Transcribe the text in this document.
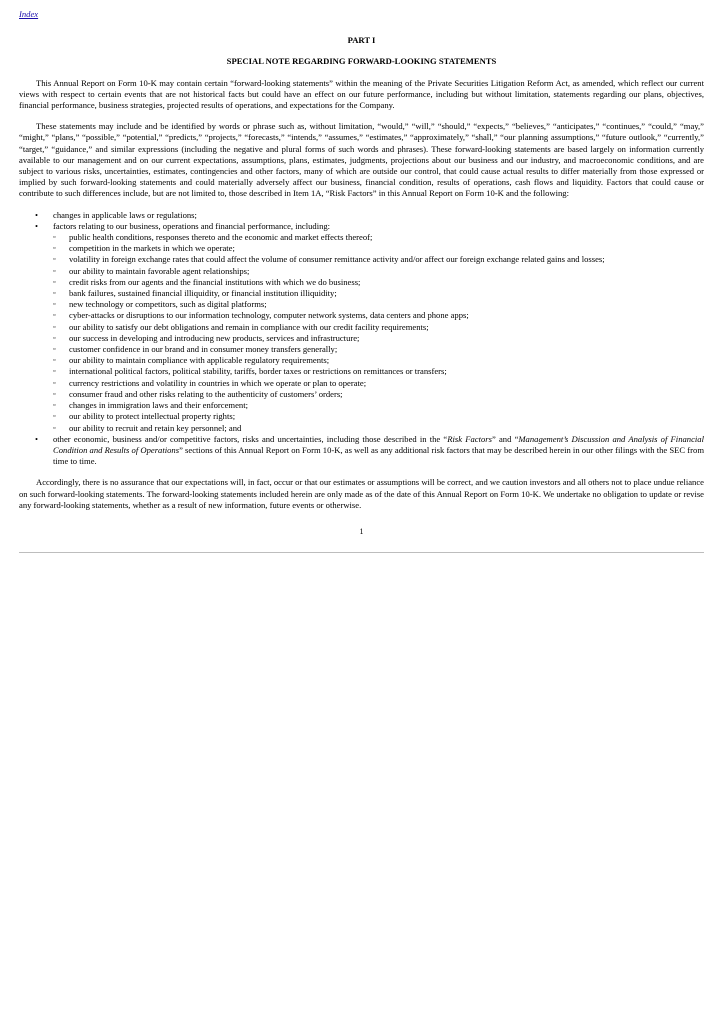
Index
PART I
SPECIAL NOTE REGARDING FORWARD-LOOKING STATEMENTS

This Annual Report on Form 10-K may contain certain “forward-looking statements” within the meaning of the Private Securities Litigation Reform Act, as amended, which reflect our current views with respect to certain events that are not historical facts but could have an effect on our future performance, including but without limitation, statements regarding our plans, objectives, financial performance, business strategies, projected results of operations, and expectations for the Company.

These statements may include and be identified by words or phrase such as, without limitation, “would,” “will,” “should,” “expects,” “believes,” “anticipates,” “continues,” “could,” “may,” “might,” “plans,” “possible,” “potential,” “predicts,” “projects,” “forecasts,” “intends,” “assumes,” “estimates,” “approximately,” “shall,” “our planning assumptions,” “future outlook,” “currently,” “target,” “guidance,” and similar expressions (including the negative and plural forms of such words and phrases). These forward-looking statements are based largely on information currently available to our management and on our current expectations, assumptions, plans, estimates, judgments, projections about our business and our industry, and macroeconomic conditions, and are subject to various risks, uncertainties, estimates, contingencies and other factors, many of which are outside our control, that could cause actual results to differ materially from those expressed or implied by such forward-looking statements and could materially adversely affect our business, financial condition, results of operations, cash flows and liquidity. Factors that could cause or contribute to such differences include, but are not limited to, those described in Item 1A, “Risk Factors” in this Annual Report on Form 10-K and the following:

• changes in applicable laws or regulations;
• factors relating to our business, operations and financial performance, including:
▫ public health conditions, responses thereto and the economic and market effects thereof;
▫ competition in the markets in which we operate;
▫ volatility in foreign exchange rates that could affect the volume of consumer remittance activity and/or affect our foreign exchange related gains and losses;
▫ our ability to maintain favorable agent relationships;
▫ credit risks from our agents and the financial institutions with which we do business;
▫ bank failures, sustained financial illiquidity, or financial institution illiquidity;
▫ new technology or competitors, such as digital platforms;
▫ cyber-attacks or disruptions to our information technology, computer network systems, data centers and phone apps;
▫ our ability to satisfy our debt obligations and remain in compliance with our credit facility requirements;
▫ our success in developing and introducing new products, services and infrastructure;
▫ customer confidence in our brand and in consumer money transfers generally;
▫ our ability to maintain compliance with applicable regulatory requirements;
▫ international political factors, political stability, tariffs, border taxes or restrictions on remittances or transfers;
▫ currency restrictions and volatility in countries in which we operate or plan to operate;
▫ consumer fraud and other risks relating to the authenticity of customers’ orders;
▫ changes in immigration laws and their enforcement;
▫ our ability to protect intellectual property rights;
▫ our ability to recruit and retain key personnel; and
• other economic, business and/or competitive factors, risks and uncertainties, including those described in the “Risk Factors” and “Management’s Discussion and Analysis of Financial Condition and Results of Operations” sections of this Annual Report on Form 10-K, as well as any additional risk factors that may be described herein in our other filings with the SEC from time to time.

Accordingly, there is no assurance that our expectations will, in fact, occur or that our estimates or assumptions will be correct, and we caution investors and all others not to place undue reliance on such forward-looking statements. The forward-looking statements included herein are only made as of the date of this Annual Report on Form 10-K. We undertake no obligation to update or revise any forward-looking statements, whether as a result of new information, future events or otherwise.

1
